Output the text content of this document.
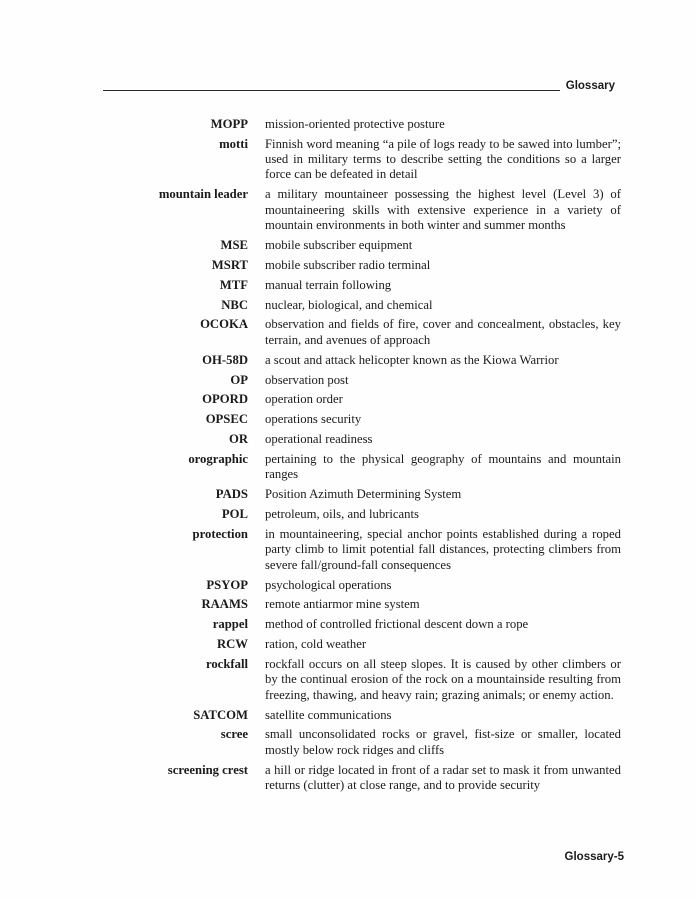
Glossary
MOPP mission-oriented protective posture
motti Finnish word meaning “a pile of logs ready to be sawed into lumber”; used in military terms to describe setting the conditions so a larger force can be defeated in detail
mountain leader a military mountaineer possessing the highest level (Level 3) of mountaineering skills with extensive experience in a variety of mountain environments in both winter and summer months
MSE mobile subscriber equipment
MSRT mobile subscriber radio terminal
MTF manual terrain following
NBC nuclear, biological, and chemical
OCOKA observation and fields of fire, cover and concealment, obstacles, key terrain, and avenues of approach
OH-58D a scout and attack helicopter known as the Kiowa Warrior
OP observation post
OPORD operation order
OPSEC operations security
OR operational readiness
orographic pertaining to the physical geography of mountains and mountain ranges
PADS Position Azimuth Determining System
POL petroleum, oils, and lubricants
protection in mountaineering, special anchor points established during a roped party climb to limit potential fall distances, protecting climbers from severe fall/ground-fall consequences
PSYOP psychological operations
RAAMS remote antiarmor mine system
rappel method of controlled frictional descent down a rope
RCW ration, cold weather
rockfall rockfall occurs on all steep slopes. It is caused by other climbers or by the continual erosion of the rock on a mountainside resulting from freezing, thawing, and heavy rain; grazing animals; or enemy action.
SATCOM satellite communications
scree small unconsolidated rocks or gravel, fist-size or smaller, located mostly below rock ridges and cliffs
screening crest a hill or ridge located in front of a radar set to mask it from unwanted returns (clutter) at close range, and to provide security
Glossary-5
